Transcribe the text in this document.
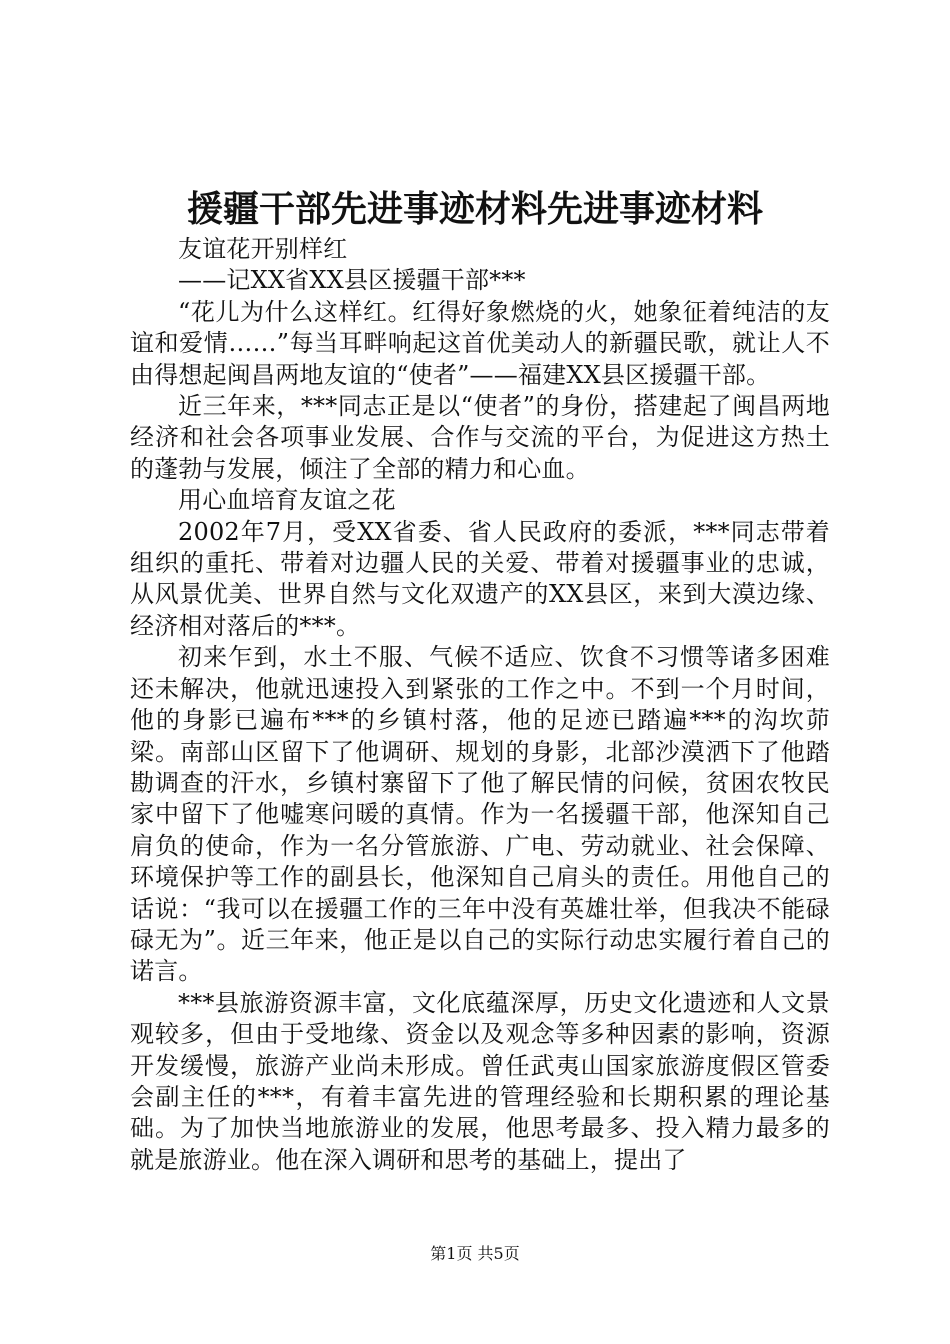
援疆干部先进事迹材料先进事迹材料

友谊花开别样红

——记XX省XX县区援疆干部***

“花儿为什么这样红。红得好象燃烧的火，她象征着纯洁的友谊和爱情……”每当耳畔响起这首优美动人的新疆民歌，就让人不由得想起闽昌两地友谊的“使者”——福建XX县区援疆干部。

近三年来，***同志正是以“使者”的身份，搭建起了闽昌两地经济和社会各项事业发展、合作与交流的平台，为促进这方热土的蓬勃与发展，倾注了全部的精力和心血。

用心血培育友谊之花

2002年7月，受XX省委、省人民政府的委派，***同志带着组织的重托、带着对边疆人民的关爱、带着对援疆事业的忠诚，从风景优美、世界自然与文化双遗产的XX县区，来到大漠边缘、经济相对落后的***。

初来乍到，水土不服、气候不适应、饮食不习惯等诸多困难还未解决，他就迅速投入到紧张的工作之中。不到一个月时间，他的身影已遍布***的乡镇村落，他的足迹已踏遍***的沟坎茆梁。南部山区留下了他调研、规划的身影，北部沙漠洒下了他踏勘调查的汗水，乡镇村寨留下了他了解民情的问候，贫困农牧民家中留下了他嘘寒问暖的真情。作为一名援疆干部，他深知自己肩负的使命，作为一名分管旅游、广电、劳动就业、社会保障、环境保护等工作的副县长，他深知自己肩头的责任。用他自己的话说：“我可以在援疆工作的三年中没有英雄壮举，但我决不能碌碌无为”。近三年来，他正是以自己的实际行动忠实履行着自己的诺言。

***县旅游资源丰富，文化底蕴深厚，历史文化遗迹和人文景观较多，但由于受地缘、资金以及观念等多种因素的影响，资源开发缓慢，旅游产业尚未形成。曾任武夷山国家旅游度假区管委会副主任的***，有着丰富先进的管理经验和长期积累的理论基础。为了加快当地旅游业的发展，他思考最多、投入精力最多的就是旅游业。他在深入调研和思考的基础上，提出了

第1页 共5页
